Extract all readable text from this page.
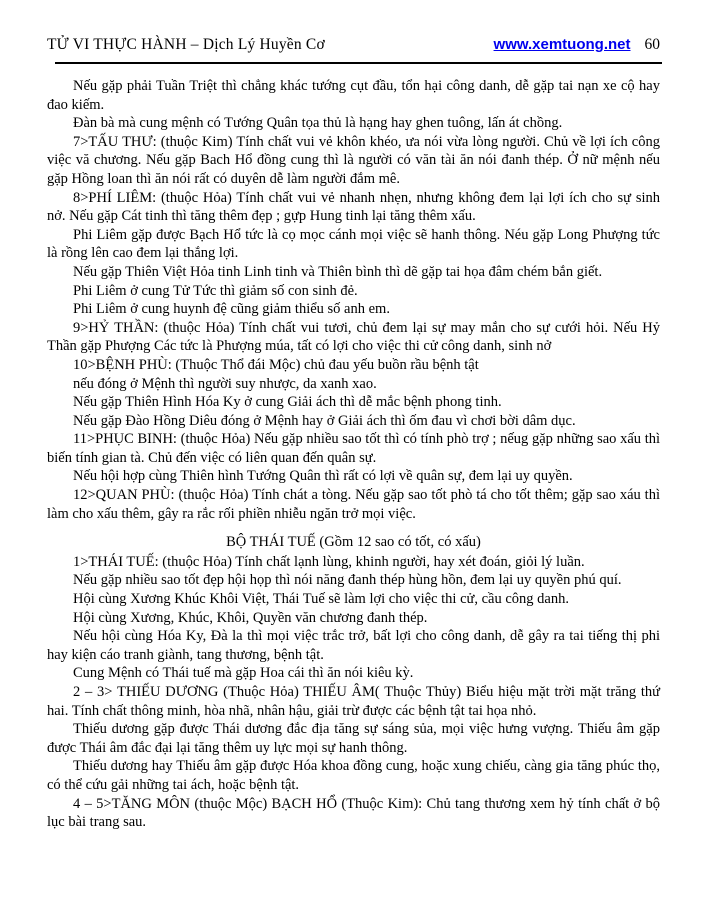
TỬ VI THỰC HÀNH – Dịch Lý Huyền Cơ	www.xemtuong.net 60

Nếu gặp phải Tuần Triệt thì chẳng khác tướng cụt đầu, tổn hại công danh, dễ gặp tai nạn xe cộ hay đao kiếm.

Đàn bà mà cung mệnh có Tướng Quân tọa thủ là hạng hay ghen tuông, lấn át chồng.

7>TẤU THƯ: (thuộc Kim) Tính chất vui vẻ khôn khéo, ưa nói vừa lòng người. Chủ về lợi ích công việc vă chương. Nếu gặp Bach Hổ đồng cung thì là người có văn tài ăn nói đanh thép. Ở nữ mệnh nếu gặp Hồng loan thì ăn nói rất có duyên dễ làm người đắm mê.

8>PHÍ LIÊM: (thuộc Hỏa) Tính chất vui vẻ nhanh nhẹn, nhưng không đem lại lợi ích cho sự sinh nở. Nếu gặp Cát tinh thì tăng thêm đẹp ; gựp Hung tinh lại tăng thêm xấu.

Phi Liêm gặp được Bạch Hổ tức là cọ mọc cánh mọi việc sẽ hanh thông. Néu gặp Long Phượng tức là rồng lên cao đem lại thắng lợi.

Nếu gặp Thiên Việt Hỏa tinh Linh tinh và Thiên bình thì dẽ gặp tai họa đâm chém bắn giết.

Phi Liêm ở cung Tử Tức thì giảm số con sinh đẻ.

Phi Liêm ở cung huynh đệ cũng giảm thiểu số anh em.

9>HỶ THẦN: (thuộc Hỏa) Tính chất vui tươi, chủ đem lại sự may mắn cho sự cưới hỏi. Nếu Hỷ Thần gặp Phượng Các tức là Phượng múa, tất có lợi cho việc thi cử công danh, sinh nở

10>BỆNH PHÙ: (Thuộc Thổ đái Mộc) chủ đau yếu buồn rầu bệnh tật

nếu đóng ở Mệnh thì người suy nhược, da xanh xao.

Nếu gặp Thiên Hình Hóa Ky ở cung Giải ách thì dễ mắc bệnh phong tinh.

Nếu gặp Đào Hồng Diêu đóng ở Mệnh hay ở Giải ách thì ốm đau vì chơi bời dâm dục.

11>PHỤC BINH: (thuộc Hỏa) Nếu gặp nhiều sao tốt thì có tính phò trợ ; nếug gặp những sao xấu thì biến tính gian tà. Chủ đến việc có liên quan đến quân sự.

Nếu hội hợp cùng Thiên hình Tướng Quân thì rất có lợi về quân sự, đem lại uy quyền.

12>QUAN PHÙ: (thuộc Hỏa) Tính chát a tòng. Nếu gặp sao tốt phò tá cho tốt thêm; gặp sao xáu thì làm cho xấu thêm, gây ra rắc rối phiền nhiễu ngăn trở mọi việc.

BỘ THÁI TUẾ (Gồm 12 sao có tốt, có xấu)

1>THÁI TUẾ: (thuộc Hỏa) Tính chất lạnh lùng, khinh người, hay xét đoán, giỏi lý luần.

Nếu gặp nhiều sao tốt đẹp hội họp thì nói năng đanh thép hùng hồn, đem lại uy quyền phú quí.

Hội cùng Xương Khúc Khôi Việt, Thái Tuế sẽ làm lợi cho việc thi cử, cầu công danh.

Hội cùng Xương, Khúc, Khôi, Quyền văn chương đanh thép.

Nếu hội cùng Hóa Ky, Đà la thì mọi việc trắc trở, bất lợi cho công danh, dễ gây ra tai tiếng thị phi hay kiện cáo tranh giành, tang thương, bệnh tật.

Cung Mệnh có Thái tuế mà gặp Hoa cái thì ăn nói kiêu kỳ.

2 – 3> THIẾU DƯƠNG (Thuộc Hỏa) THIẾU ÂM( Thuộc Thủy) Biểu hiệu mặt trời mặt trăng thứ hai. Tính chất thông minh, hòa nhã, nhân hậu, giải trừ được các bệnh tật tai họa nhỏ.

Thiếu dương gặp được Thái dương đắc địa tăng sự sáng sủa, mọi việc hưng vượng. Thiếu âm gặp được Thái âm đắc đại lại tăng thêm uy lực mọi sự hanh thông.

Thiếu dương hay Thiếu âm gặp được Hóa khoa đồng cung, hoặc xung chiếu, càng gia tăng phúc thọ, có thể cứu gải những tai ách, hoặc bệnh tật.

4 – 5>TĂNG MÔN (thuộc Mộc) BẠCH HỔ (Thuộc Kim): Chủ tang thương xem hỷ tính chất ở bộ lục bài trang sau.
